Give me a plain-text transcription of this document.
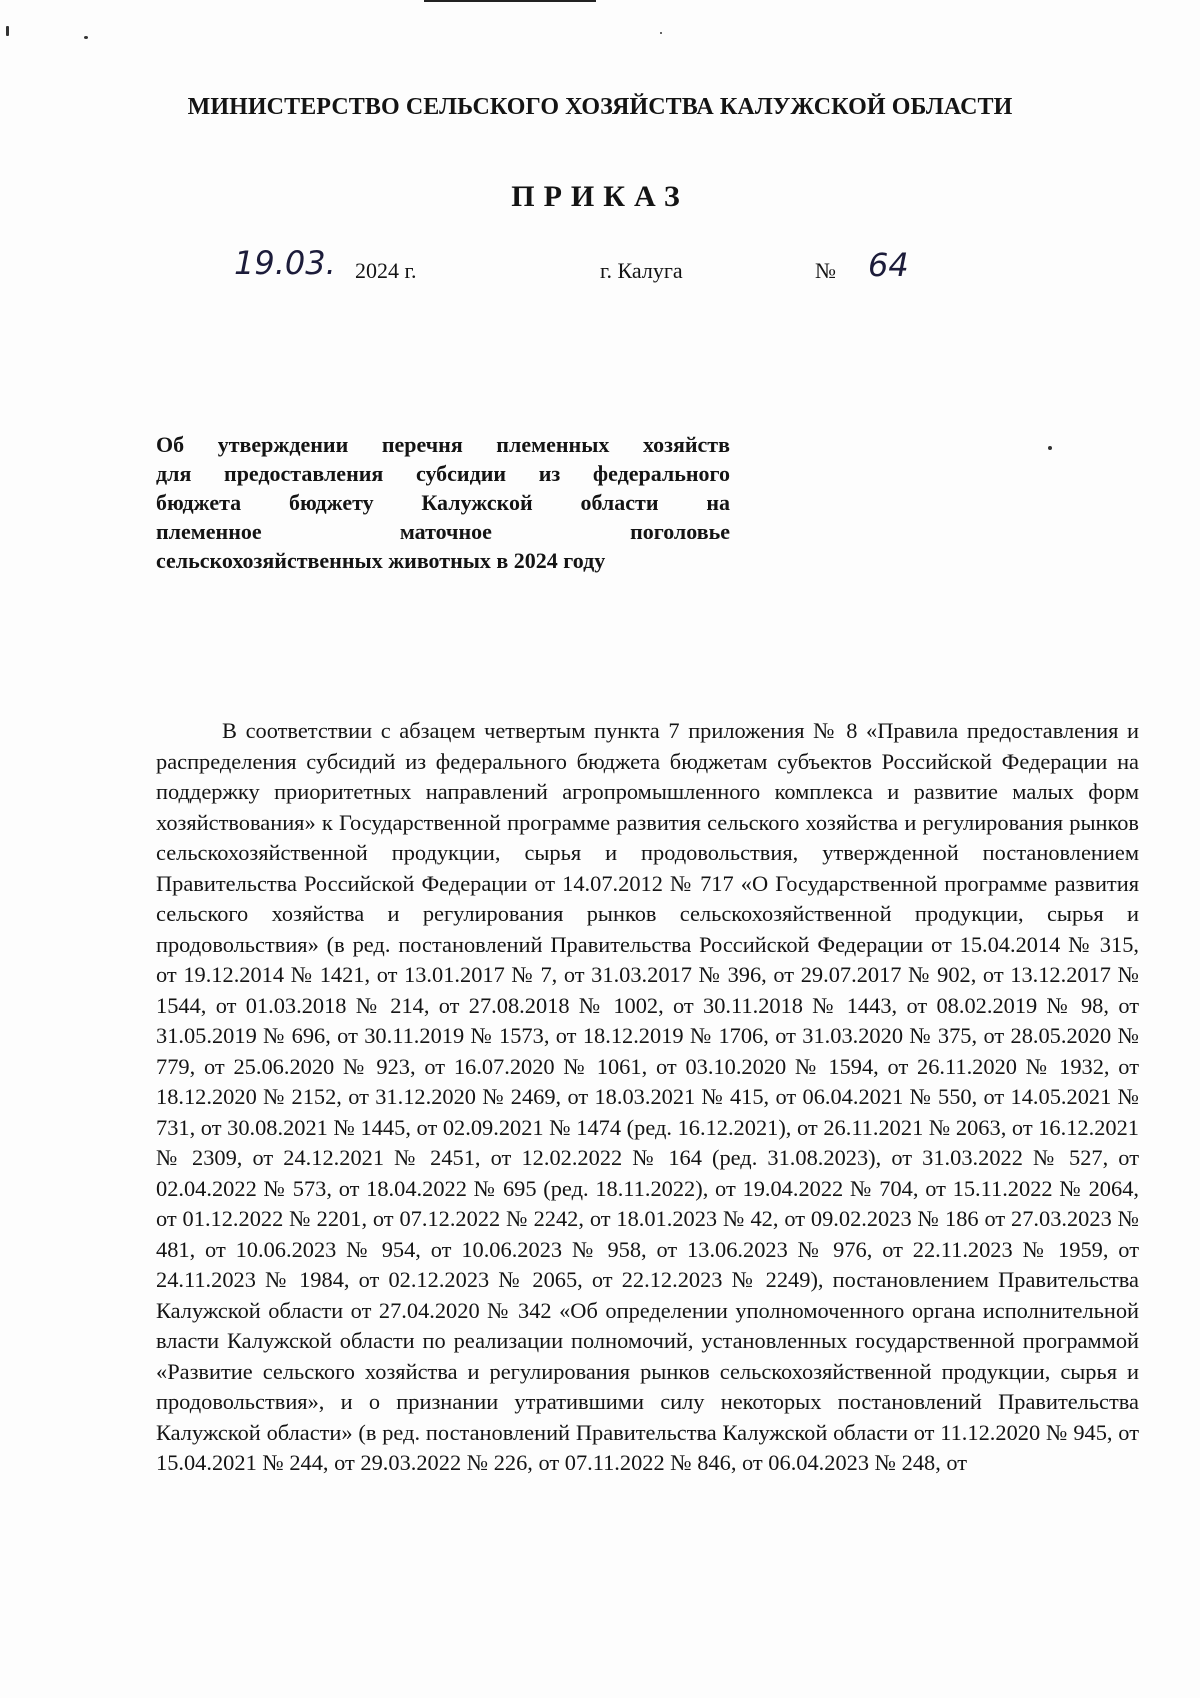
МИНИСТЕРСТВО СЕЛЬСКОГО ХОЗЯЙСТВА КАЛУЖСКОЙ ОБЛАСТИ
ПРИКАЗ
19.03. 2024 г.	г. Калуга	№ 64
Об утверждении перечня племенных хозяйств
для предоставления субсидии из федерального
бюджета бюджету Калужской области на
племенное маточное поголовье
сельскохозяйственных животных в 2024 году
В соответствии с абзацем четвертым пункта 7 приложения № 8 «Правила предоставления и распределения субсидий из федерального бюджета бюджетам субъектов Российской Федерации на поддержку приоритетных направлений агропромышленного комплекса и развитие малых форм хозяйствования» к Государственной программе развития сельского хозяйства и регулирования рынков сельскохозяйственной продукции, сырья и продовольствия, утвержденной постановлением Правительства Российской Федерации от 14.07.2012 № 717 «О Государственной программе развития сельского хозяйства и регулирования рынков сельскохозяйственной продукции, сырья и продовольствия» (в ред. постановлений Правительства Российской Федерации от 15.04.2014 № 315, от 19.12.2014 № 1421, от 13.01.2017 № 7, от 31.03.2017 № 396, от 29.07.2017 № 902, от 13.12.2017 № 1544, от 01.03.2018 № 214, от 27.08.2018 № 1002, от 30.11.2018 № 1443, от 08.02.2019 № 98, от 31.05.2019 № 696, от 30.11.2019 № 1573, от 18.12.2019 № 1706, от 31.03.2020 № 375, от 28.05.2020 № 779, от 25.06.2020 № 923, от 16.07.2020 № 1061, от 03.10.2020 № 1594, от 26.11.2020 № 1932, от 18.12.2020 № 2152, от 31.12.2020 № 2469, от 18.03.2021 № 415, от 06.04.2021 № 550, от 14.05.2021 № 731, от 30.08.2021 № 1445, от 02.09.2021 № 1474 (ред. 16.12.2021), от 26.11.2021 № 2063, от 16.12.2021 № 2309, от 24.12.2021 № 2451, от 12.02.2022 № 164 (ред. 31.08.2023), от 31.03.2022 № 527, от 02.04.2022 № 573, от 18.04.2022 № 695 (ред. 18.11.2022), от 19.04.2022 № 704, от 15.11.2022 № 2064, от 01.12.2022 № 2201, от 07.12.2022 № 2242, от 18.01.2023 № 42, от 09.02.2023 № 186 от 27.03.2023 № 481, от 10.06.2023 № 954, от 10.06.2023 № 958, от 13.06.2023 № 976, от 22.11.2023 № 1959, от 24.11.2023 № 1984, от 02.12.2023 № 2065, от 22.12.2023 № 2249), постановлением Правительства Калужской области от 27.04.2020 № 342 «Об определении уполномоченного органа исполнительной власти Калужской области по реализации полномочий, установленных государственной программой «Развитие сельского хозяйства и регулирования рынков сельскохозяйственной продукции, сырья и продовольствия», и о признании утратившими силу некоторых постановлений Правительства Калужской области» (в ред. постановлений Правительства Калужской области от 11.12.2020 № 945, от 15.04.2021 № 244, от 29.03.2022 № 226, от 07.11.2022 № 846, от 06.04.2023 № 248, от
